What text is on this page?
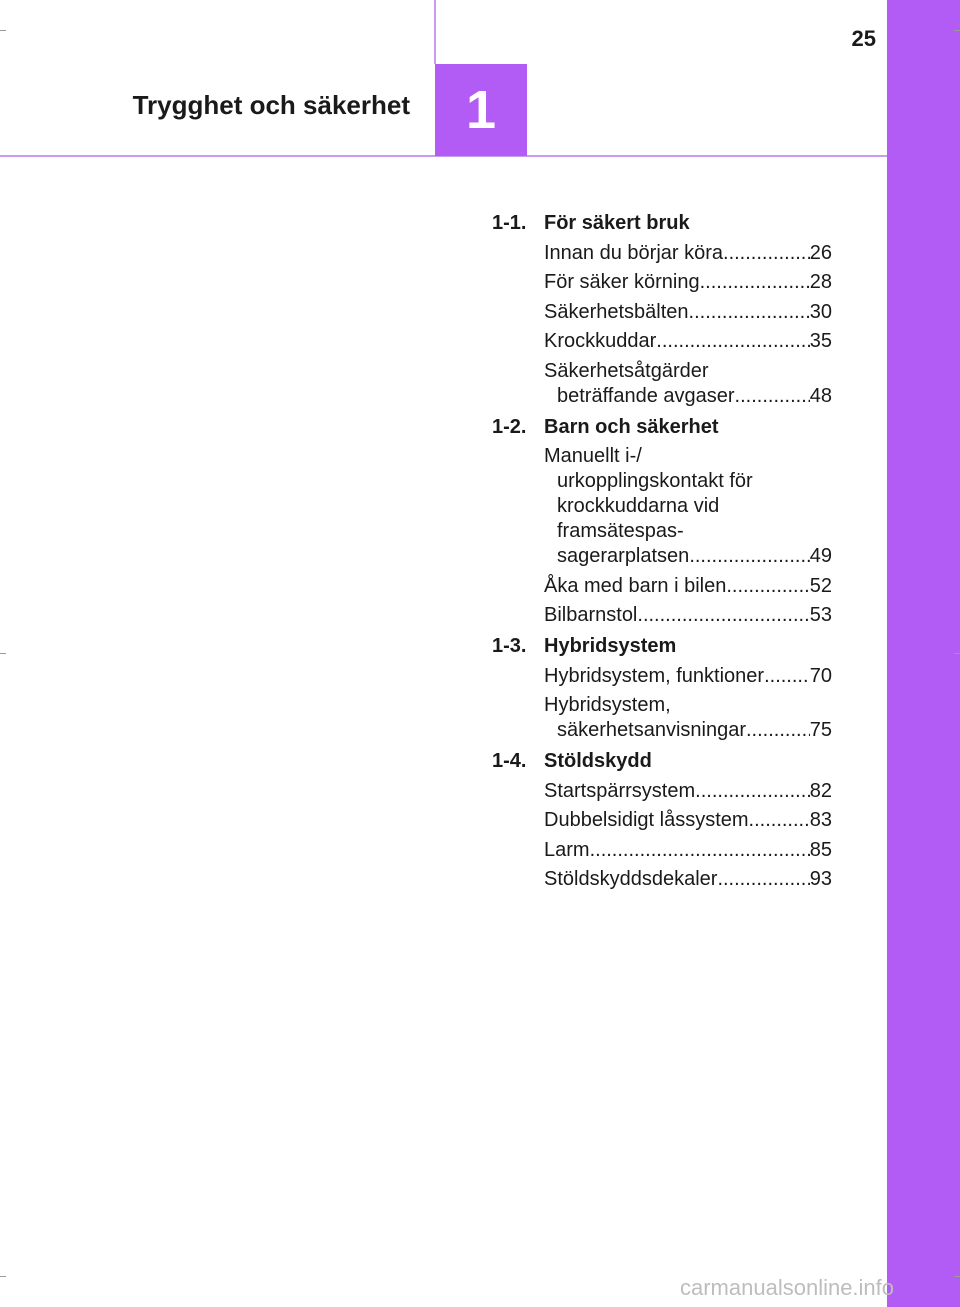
Trygghet och säkerhet	1
25
1-1. För säkert bruk
Innan du börjar köra .....	26
För säker körning .....	28
Säkerhetsbälten .....	30
Krockkuddar .....	35
Säkerhetsåtgärder
beträffande avgaser .....	48
1-2. Barn och säkerhet
Manuellt i-/
urkopplingskontakt för
krockkuddarna vid
framsätespas-
sagerarplatsen .....	49
Åka med barn i bilen .....	52
Bilbarnstol .....	53
1-3. Hybridsystem
Hybridsystem, funktioner ..... 70
Hybridsystem,
säkerhetsanvisningar .....	75
1-4. Stöldskydd
Startspärrsystem .....	82
Dubbelsidigt låssystem .....	83
Larm .....	85
Stöldskyddsdekaler .....	93
carmanualsonline.info
